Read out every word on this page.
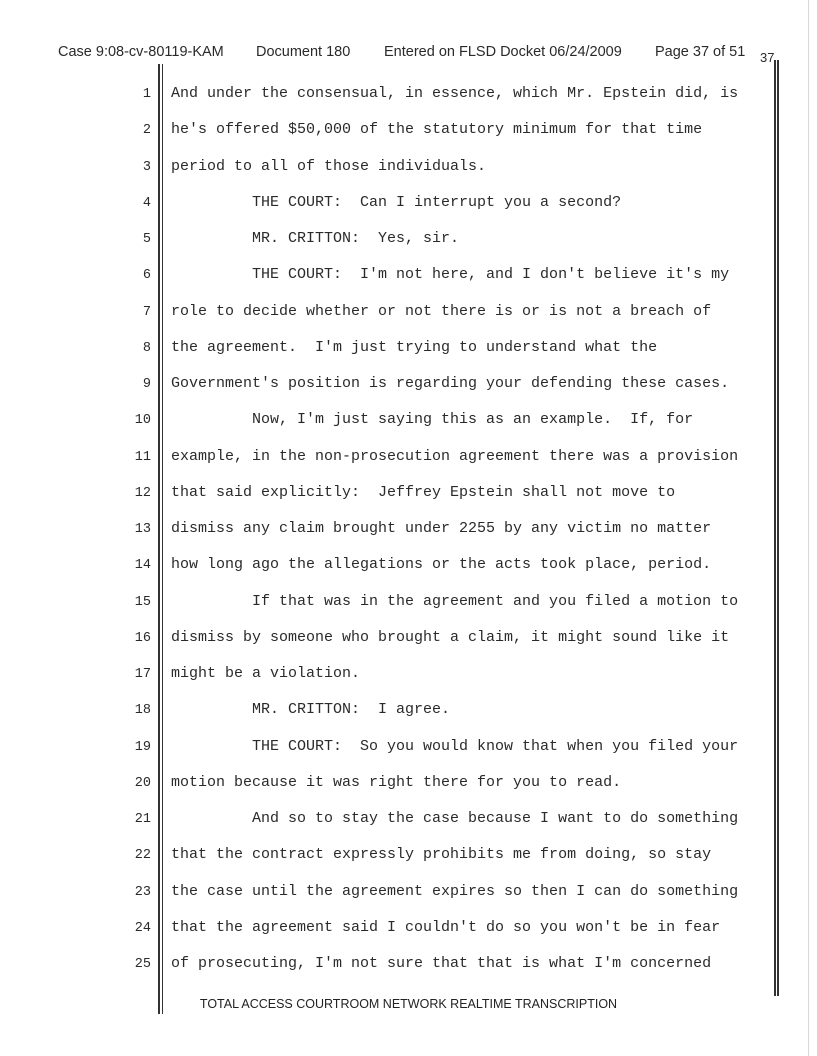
Case 9:08-cv-80119-KAM Document 180 Entered on FLSD Docket 06/24/2009 Page 37 of 51 37
1 And under the consensual, in essence, which Mr. Epstein did, is
2 he's offered $50,000 of the statutory minimum for that time
3 period to all of those individuals.
4 THE COURT:  Can I interrupt you a second?
5 MR. CRITTON:  Yes, sir.
6 THE COURT:  I'm not here, and I don't believe it's my
7 role to decide whether or not there is or is not a breach of
8 the agreement.  I'm just trying to understand what the
9 Government's position is regarding your defending these cases.
10 Now, I'm just saying this as an example.  If, for
11 example, in the non-prosecution agreement there was a provision
12 that said explicitly:  Jeffrey Epstein shall not move to
13 dismiss any claim brought under 2255 by any victim no matter
14 how long ago the allegations or the acts took place, period.
15 If that was in the agreement and you filed a motion to
16 dismiss by someone who brought a claim, it might sound like it
17 might be a violation.
18 MR. CRITTON:  I agree.
19 THE COURT:  So you would know that when you filed your
20 motion because it was right there for you to read.
21 And so to stay the case because I want to do something
22 that the contract expressly prohibits me from doing, so stay
23 the case until the agreement expires so then I can do something
24 that the agreement said I couldn't do so you won't be in fear
25 of prosecuting, I'm not sure that that is what I'm concerned
TOTAL ACCESS COURTROOM NETWORK REALTIME TRANSCRIPTION
